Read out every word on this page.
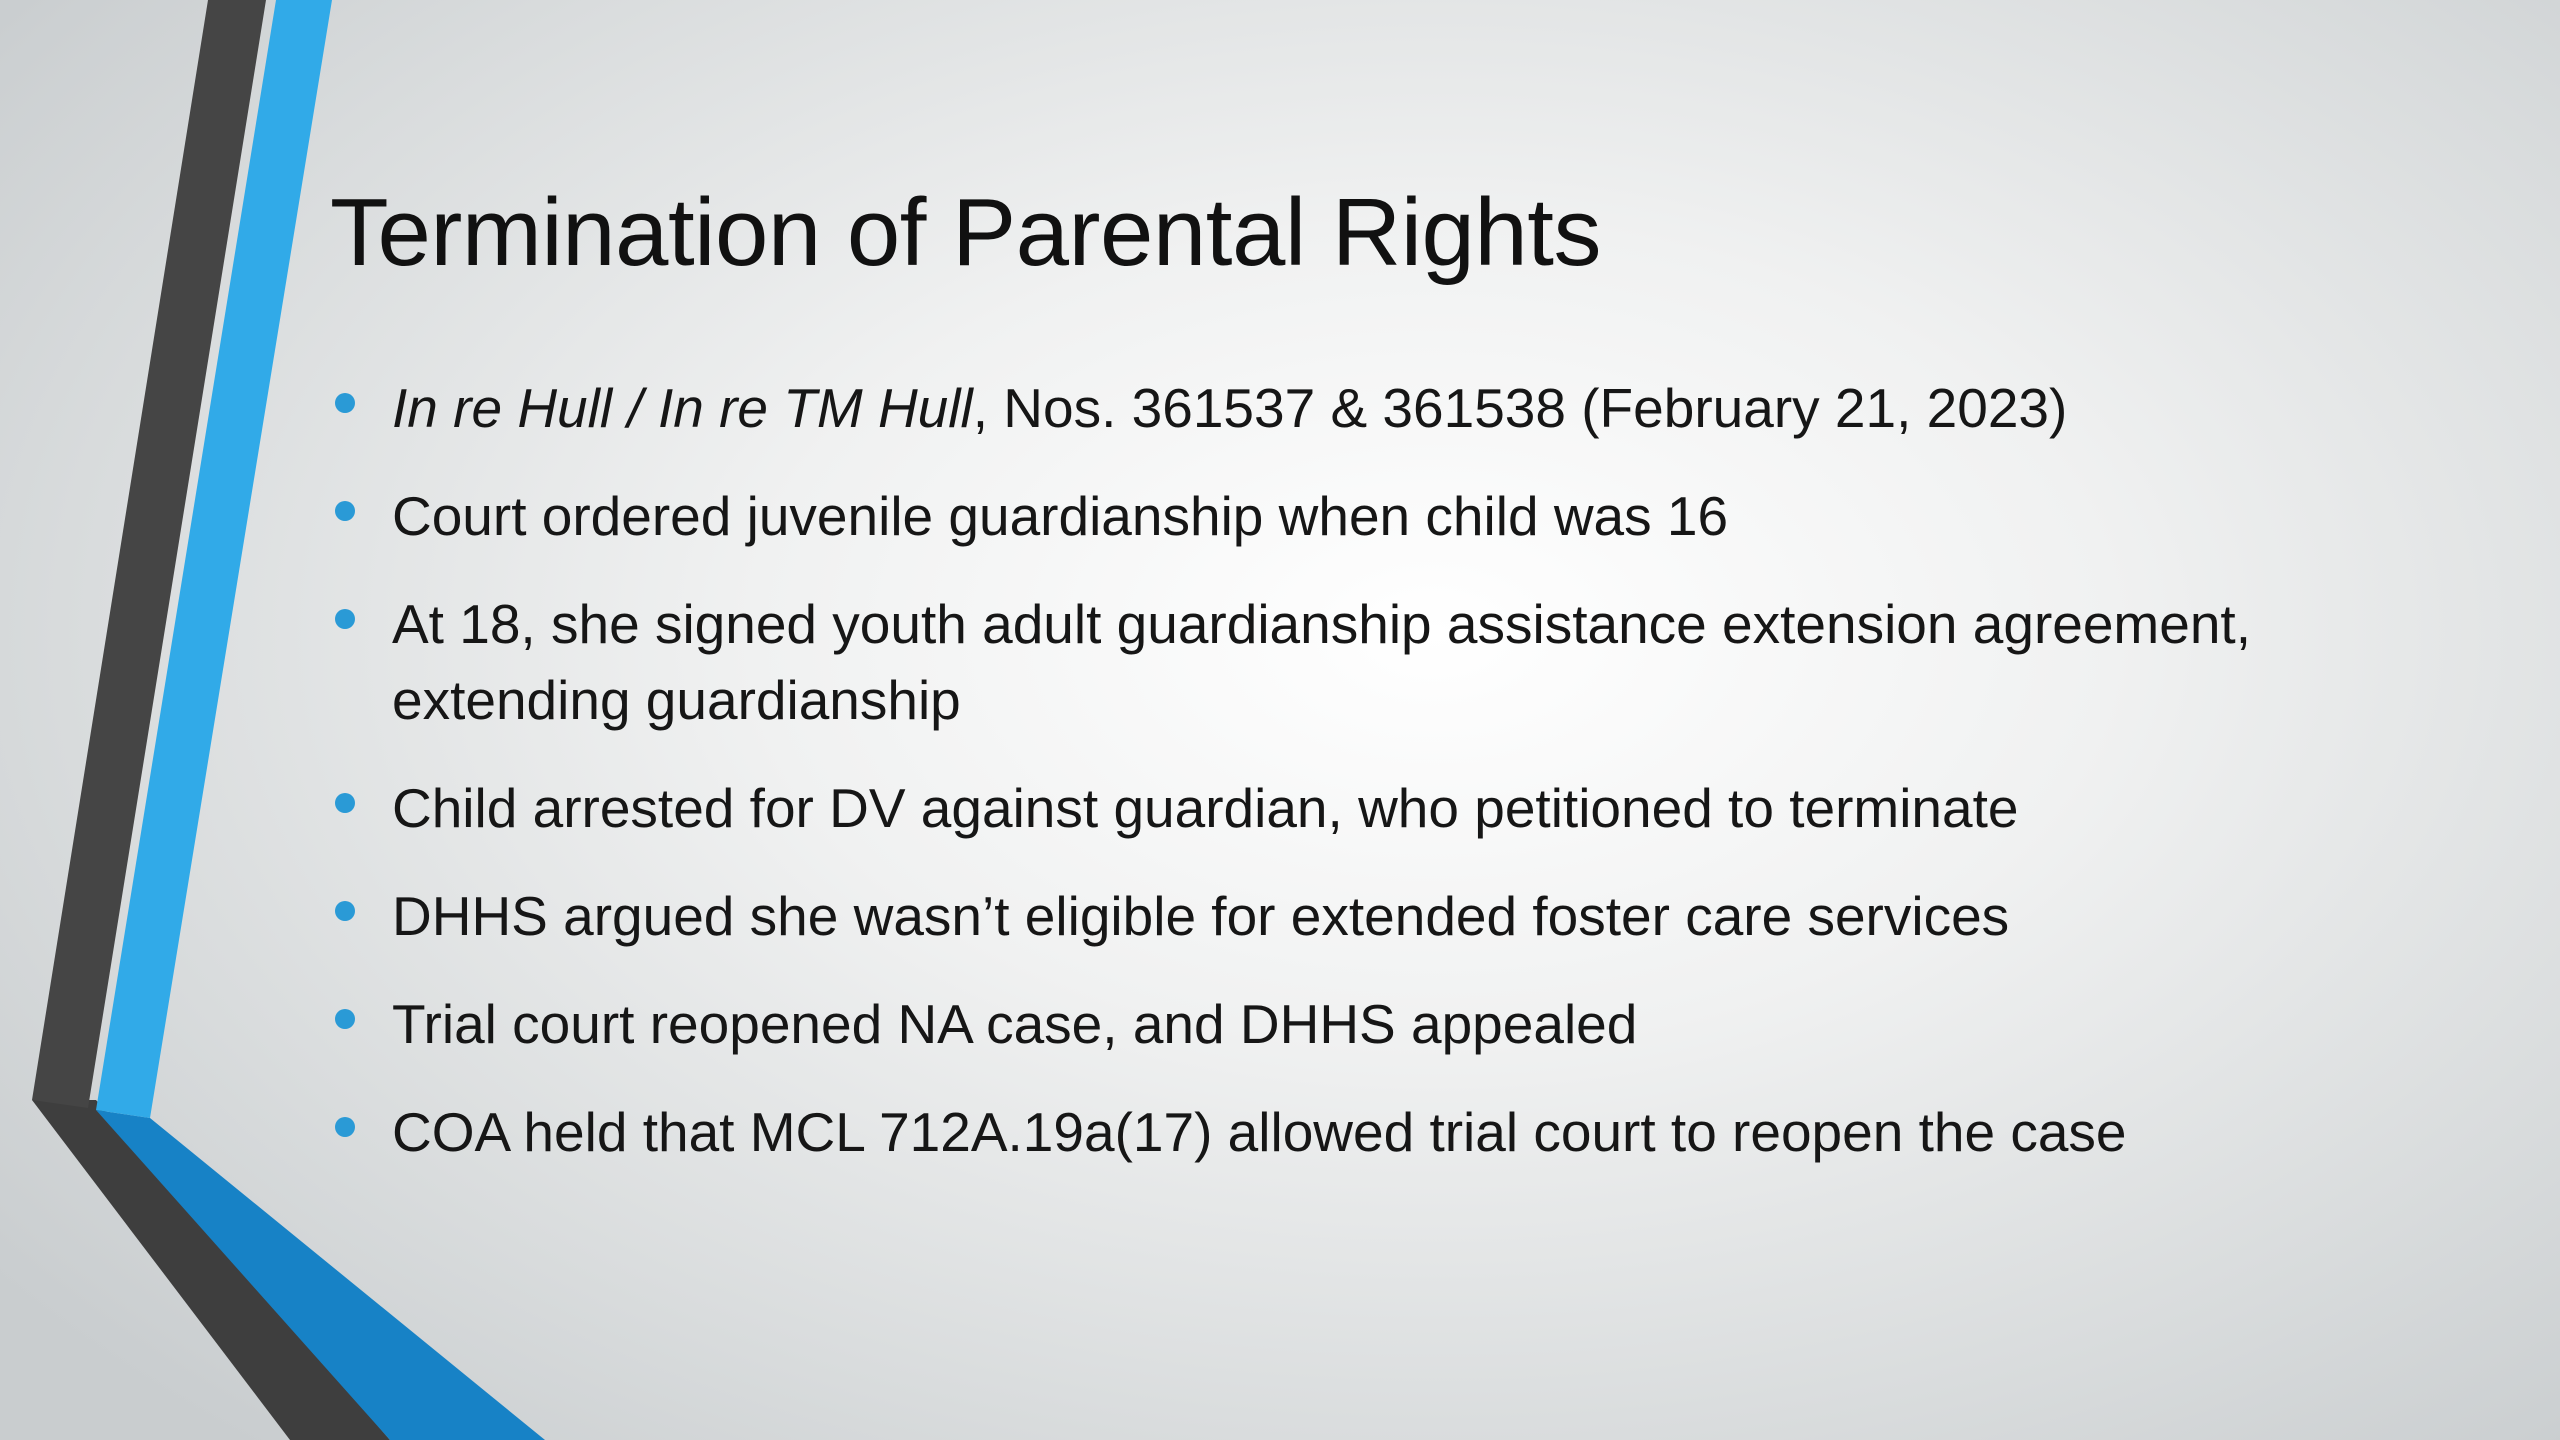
Termination of Parental Rights
In re Hull / In re TM Hull, Nos. 361537 & 361538 (February 21, 2023)
Court ordered juvenile guardianship when child was 16
At 18, she signed youth adult guardianship assistance extension agreement, extending guardianship
Child arrested for DV against guardian, who petitioned to terminate
DHHS argued she wasn’t eligible for extended foster care services
Trial court reopened NA case, and DHHS appealed
COA held that MCL 712A.19a(17) allowed trial court to reopen the case
